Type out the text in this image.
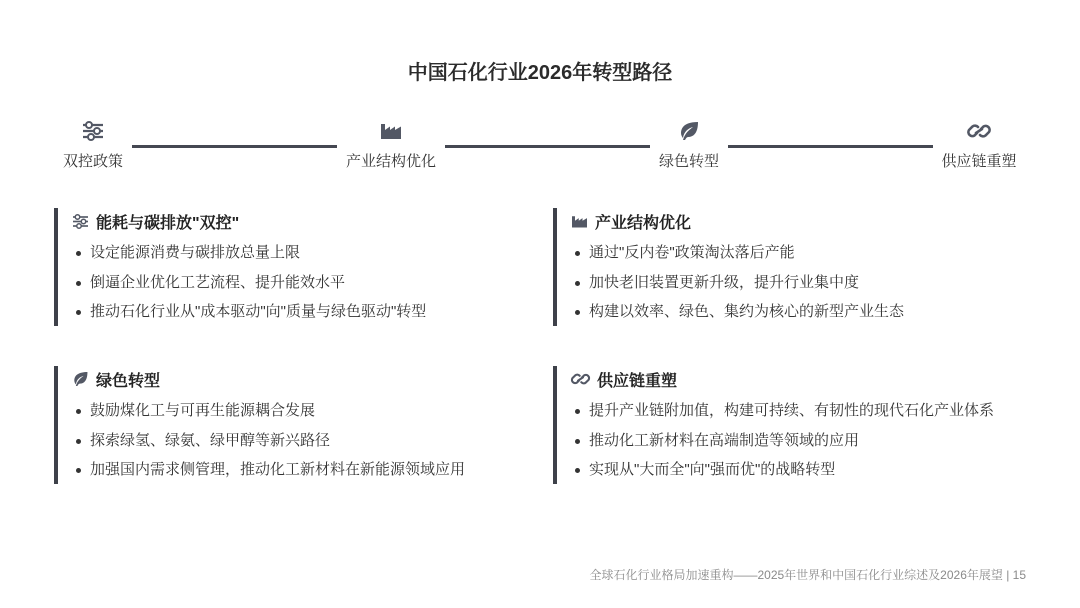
中国石化行业2026年转型路径
双控政策	产业结构优化	绿色转型	供应链重塑
能耗与碳排放"双控"
设定能源消费与碳排放总量上限
倒逼企业优化工艺流程、提升能效水平
推动石化行业从"成本驱动"向"质量与绿色驱动"转型
产业结构优化
通过"反内卷"政策淘汰落后产能
加快老旧装置更新升级，提升行业集中度
构建以效率、绿色、集约为核心的新型产业生态
绿色转型
鼓励煤化工与可再生能源耦合发展
探索绿氢、绿氨、绿甲醇等新兴路径
加强国内需求侧管理，推动化工新材料在新能源领域应用
供应链重塑
提升产业链附加值，构建可持续、有韧性的现代石化产业体系
推动化工新材料在高端制造等领域的应用
实现从"大而全"向"强而优"的战略转型
全球石化行业格局加速重构——2025年世界和中国石化行业综述及2026年展望 | 15
